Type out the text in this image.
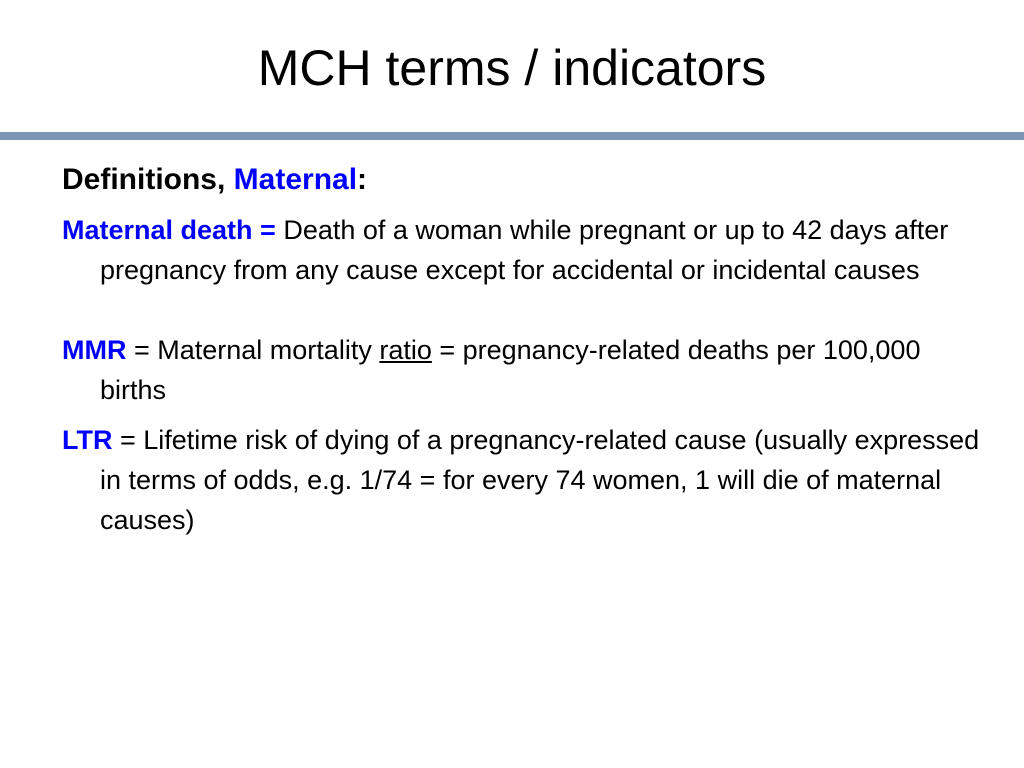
MCH terms / indicators

Definitions, Maternal:

Maternal death = Death of a woman while pregnant or up to 42 days after pregnancy from any cause except for accidental or incidental causes

MMR = Maternal mortality ratio = pregnancy-related deaths per 100,000 births

LTR = Lifetime risk of dying of a pregnancy-related cause (usually expressed in terms of odds, e.g. 1/74 = for every 74 women, 1 will die of maternal causes)
